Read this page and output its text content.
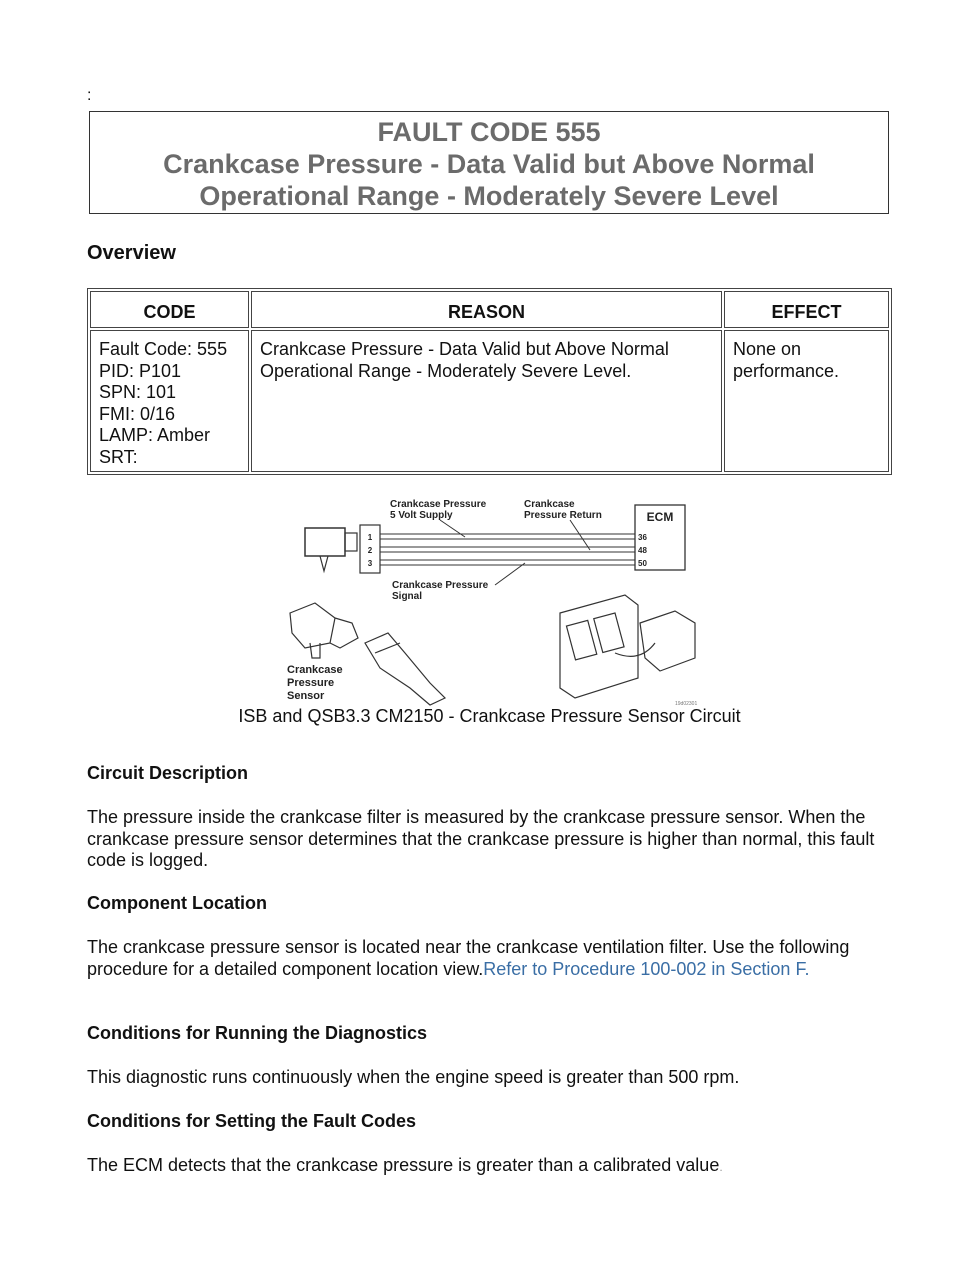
:
FAULT CODE 555
Crankcase Pressure - Data Valid but Above Normal
Operational Range - Moderately Severe Level
Overview
CODE	REASON	EFFECT
Fault Code: 555
PID: P101
SPN: 101
FMI: 0/16
LAMP: Amber
SRT:
Crankcase Pressure - Data Valid but Above Normal Operational Range - Moderately Severe Level.
None on performance.
1
2
3
ECM
36
48
50
Crankcase Pressure
5 Volt Supply
Crankcase
Pressure Return
Crankcase Pressure
Signal
Crankcase
Pressure
Sensor
19d02301
ISB and QSB3.3 CM2150 - Crankcase Pressure Sensor Circuit
Circuit Description
The pressure inside the crankcase filter is measured by the crankcase pressure sensor. When the crankcase pressure sensor determines that the crankcase pressure is higher than normal, this fault code is logged.
Component Location
The crankcase pressure sensor is located near the crankcase ventilation filter. Use the following procedure for a detailed component location view.Refer to Procedure 100-002 in Section F.
Conditions for Running the Diagnostics
This diagnostic runs continuously when the engine speed is greater than 500 rpm.
Conditions for Setting the Fault Codes
The ECM detects that the crankcase pressure is greater than a calibrated value.
